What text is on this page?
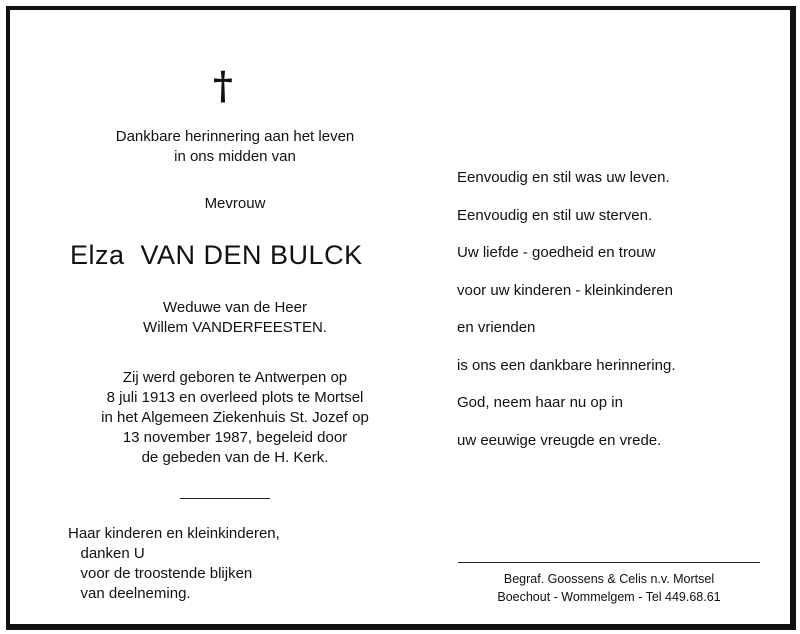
†
Dankbare herinnering aan het leven
in ons midden van
Mevrouw
Elza  VAN DEN BULCK
Weduwe van de Heer
Willem VANDERFEESTEN.
Zij werd geboren te Antwerpen op
8 juli 1913 en overleed plots te Mortsel
in het Algemeen Ziekenhuis St. Jozef op
13 november 1987, begeleid door
de gebeden van de H. Kerk.
Haar kinderen en kleinkinderen,
danken U
voor de troostende blijken
van deelneming.
Eenvoudig en stil was uw leven.
Eenvoudig en stil uw sterven.
Uw liefde - goedheid en trouw
voor uw kinderen - kleinkinderen
en vrienden
is ons een dankbare herinnering.
God, neem haar nu op in
uw eeuwige vreugde en vrede.
Begraf. Goossens & Celis n.v. Mortsel
Boechout - Wommelgem - Tel 449.68.61
